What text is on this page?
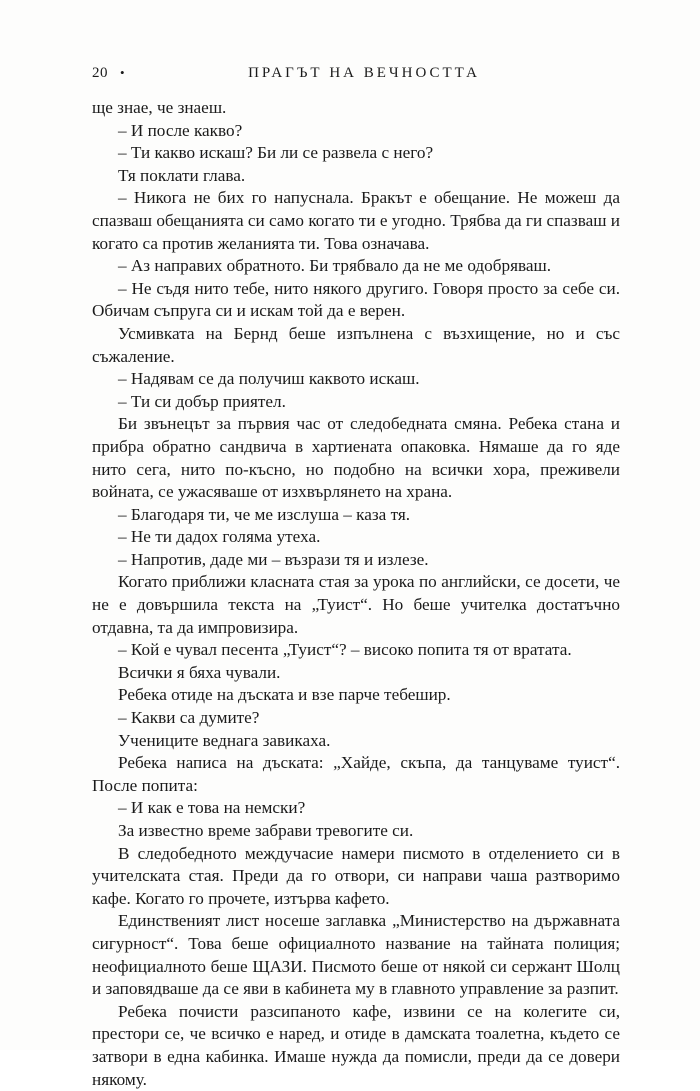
20 •	ПРАГЪТ НА ВЕЧНОСТТА

ще знае, че знаеш.

– И после какво?

– Ти какво искаш? Би ли се развела с него?

Тя поклати глава.

– Никога не бих го напуснала. Бракът е обещание. Не можеш да спазваш обещанията си само когато ти е угодно. Трябва да ги спазваш и когато са против желанията ти. Това означава.

– Аз направих обратното. Би трябвало да не ме одобряваш.

– Не съдя нито тебе, нито някого другиго. Говоря просто за себе си. Обичам съпруга си и искам той да е верен.

Усмивката на Бернд беше изпълнена с възхищение, но и със съжаление.

– Надявам се да получиш каквото искаш.

– Ти си добър приятел.

Би звънецът за първия час от следобедната смяна. Ребека стана и прибра обратно сандвича в хартиената опаковка. Нямаше да го яде нито сега, нито по-късно, но подобно на всички хора, преживели войната, се ужасяваше от изхвърлянето на храна.

– Благодаря ти, че ме изслуша – каза тя.

– Не ти дадох голяма утеха.

– Напротив, даде ми – възрази тя и излезе.

Когато приближи класната стая за урока по английски, се досети, че не е довършила текста на „Туист“. Но беше учителка достатъчно отдавна, та да импровизира.

– Кой е чувал песента „Туист“? – високо попита тя от вратата.

Всички я бяха чували.

Ребека отиде на дъската и взе парче тебешир.

– Какви са думите?

Учениците веднага завикаха.

Ребека написа на дъската: „Хайде, скъпа, да танцуваме туист“. После попита:

– И как е това на немски?

За известно време забрави тревогите си.

В следобедното междучасие намери писмото в отделението си в учителската стая. Преди да го отвори, си направи чаша разтворимо кафе. Когато го прочете, изтърва кафето.

Единственият лист носеше заглавка „Министерство на държавната сигурност“. Това беше официалното название на тайната полиция; неофициалното беше ЩАЗИ. Писмото беше от някой си сержант Шолц и заповядваше да се яви в кабинета му в главното управление за разпит.

Ребека почисти разсипаното кафе, извини се на колегите си, престори се, че всичко е наред, и отиде в дамската тоалетна, където се затвори в една кабинка. Имаше нужда да помисли, преди да се довери някому.
